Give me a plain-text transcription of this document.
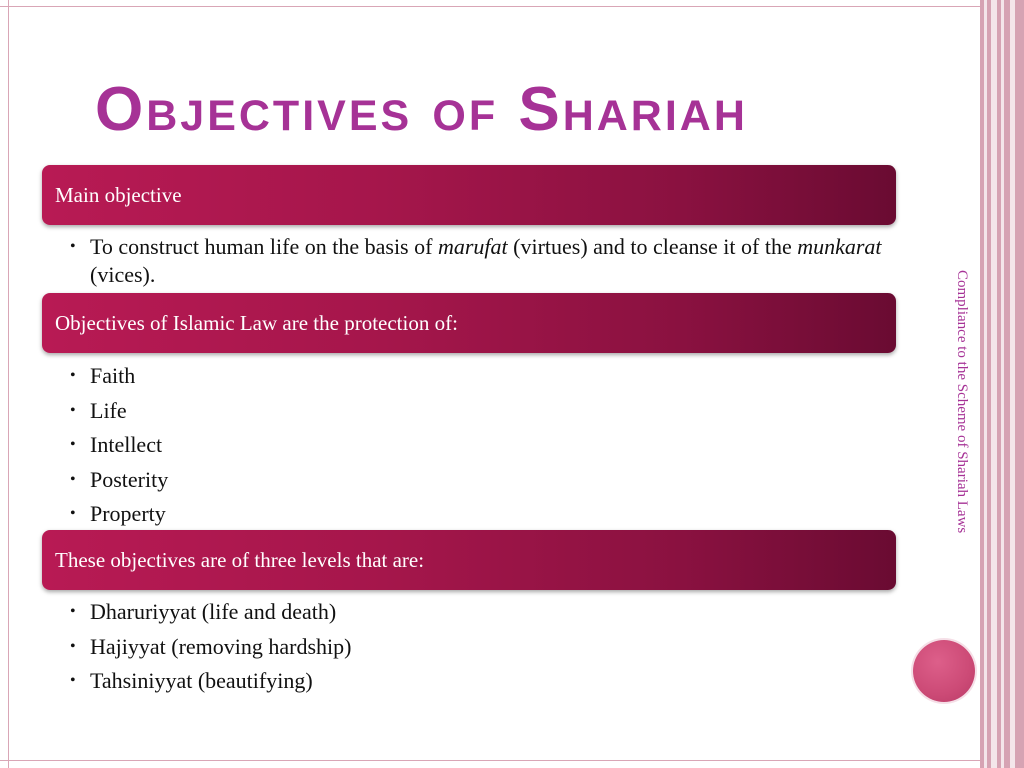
Objectives of Shariah
Main objective
• To construct human life on the basis of marufat (virtues) and to cleanse it of the munkarat (vices).
Objectives of Islamic Law are the protection of:
• Faith
• Life
• Intellect
• Posterity
• Property
These objectives are of three levels that are:
• Dharuriyyat (life and death)
• Hajiyyat (removing hardship)
• Tahsiniyyat (beautifying)
Compliance to the Scheme of Shariah Laws
